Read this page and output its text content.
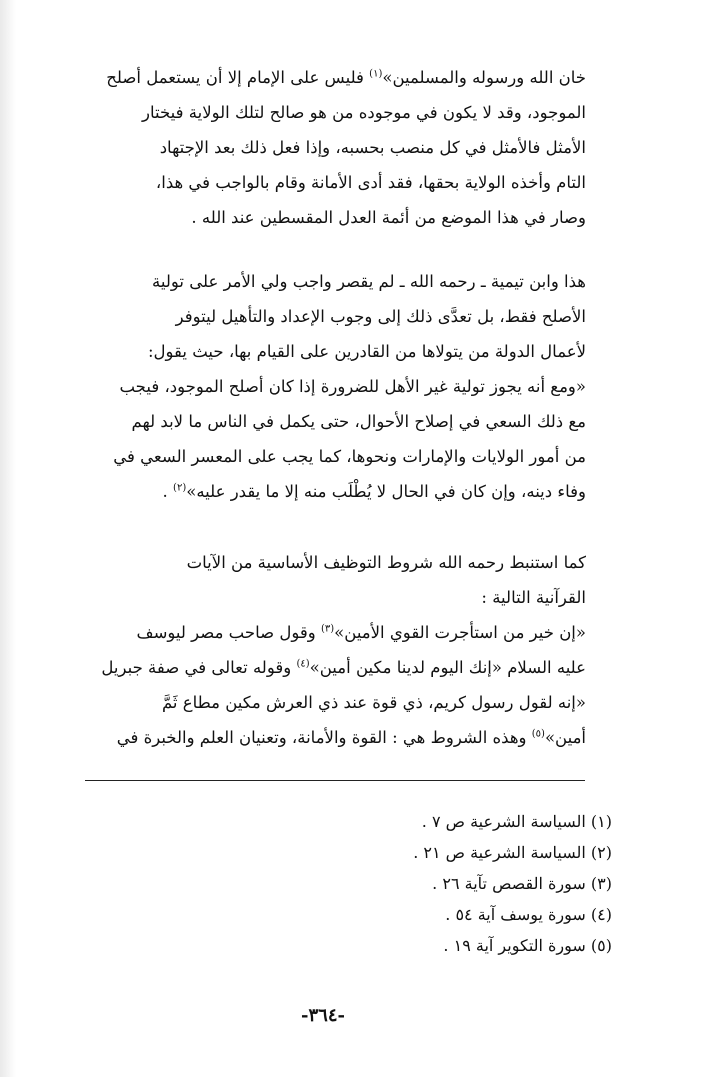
خان الله ورسوله والمسلمين»$^{(١)}$ فليس على الإمام إلا أن يستعمل أصلح
الموجود، وقد لا يكون في موجوده من هو صالح لتلك الولاية فيختار
الأمثل فالأمثل في كل منصب بحسبه، وإذا فعل ذلك بعد الإجتهاد
التام وأخذه الولاية بحقها، فقد أدى الأمانة وقام بالواجب في هذا،
وصار في هذا الموضع من أئمة العدل المقسطين عند الله .
هذا وابن تيمية ـ رحمه الله ـ لم يقصر واجب ولي الأمر على تولية
الأصلح فقط، بل تعدَّى ذلك إلى وجوب الإعداد والتأهيل ليتوفر
لأعمال الدولة من يتولاها من القادرين على القيام بها، حيث يقول:
«ومع أنه يجوز تولية غير الأهل للضرورة إذا كان أصلح الموجود، فيجب
مع ذلك السعي في إصلاح الأحوال، حتى يكمل في الناس ما لابد لهم
من أمور الولايات والإمارات ونحوها، كما يجب على المعسر السعي في
وفاء دينه، وإن كان في الحال لا يُطْلَب منه إلا ما يقدر عليه»$^{(٢)}$ .
كما استنبط رحمه الله شروط التوظيف الأساسية من الآيات
القرآنية التالية :
«إن خير من استأجرت القوي الأمين»$^{(٣)}$ وقول صاحب مصر ليوسف
عليه السلام «إنك اليوم لدينا مكين أمين»$^{(٤)}$ وقوله تعالى في صفة جبريل
«إنه لقول رسول كريم، ذي قوة عند ذي العرش مكين مطاع ثَمَّ
أمين»$^{(٥)}$ وهذه الشروط هي : القوة والأمانة، وتعنيان العلم والخبرة في
(١) السياسة الشرعية ص ٧ .
(٢) السياسة الشرعية ص ٢١ .
(٣) سورة القصص تآية ٢٦ .
(٤) سورة يوسف آية ٥٤ .
(٥) سورة التكوير آية ١٩ .
-٣٦٤-
